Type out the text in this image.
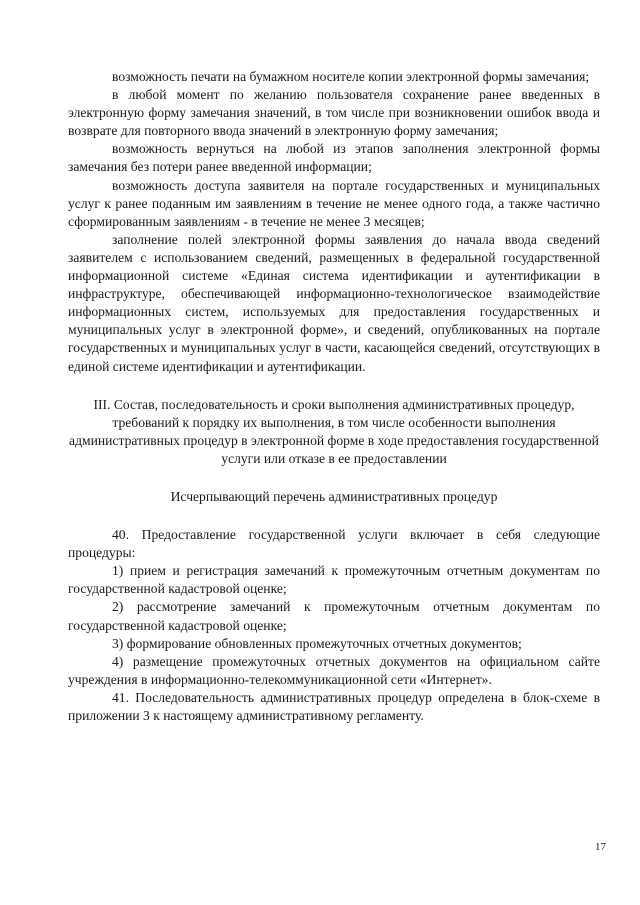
возможность печати на бумажном носителе копии электронной формы замечания;

в любой момент по желанию пользователя сохранение ранее введенных в электронную форму замечания значений, в том числе при возникновении ошибок ввода и возврате для повторного ввода значений в электронную форму замечания;

возможность вернуться на любой из этапов заполнения электронной формы замечания без потери ранее введенной информации;

возможность доступа заявителя на портале государственных и муниципальных услуг к ранее поданным им заявлениям в течение не менее одного года, а также частично сформированным заявлениям - в течение не менее 3 месяцев;

заполнение полей электронной формы заявления до начала ввода сведений заявителем с использованием сведений, размещенных в федеральной государственной информационной системе «Единая система идентификации и аутентификации в инфраструктуре, обеспечивающей информационно-технологическое взаимодействие информационных систем, используемых для предоставления государственных и муниципальных услуг в электронной форме», и сведений, опубликованных на портале государственных и муниципальных услуг в части, касающейся сведений, отсутствующих в единой системе идентификации и аутентификации.

III. Состав, последовательность и сроки выполнения административных процедур, требований к порядку их выполнения, в том числе особенности выполнения административных процедур в электронной форме в ходе предоставления государственной услуги или отказе в ее предоставлении

Исчерпывающий перечень административных процедур

40. Предоставление государственной услуги включает в себя следующие процедуры:

1) прием и регистрация замечаний к промежуточным отчетным документам по государственной кадастровой оценке;

2) рассмотрение замечаний к промежуточным отчетным документам по государственной кадастровой оценке;

3) формирование обновленных промежуточных отчетных документов;

4) размещение промежуточных отчетных документов на официальном сайте учреждения в информационно-телекоммуникационной сети «Интернет».

41. Последовательность административных процедур определена в блок-схеме в приложении 3 к настоящему административному регламенту.

17
